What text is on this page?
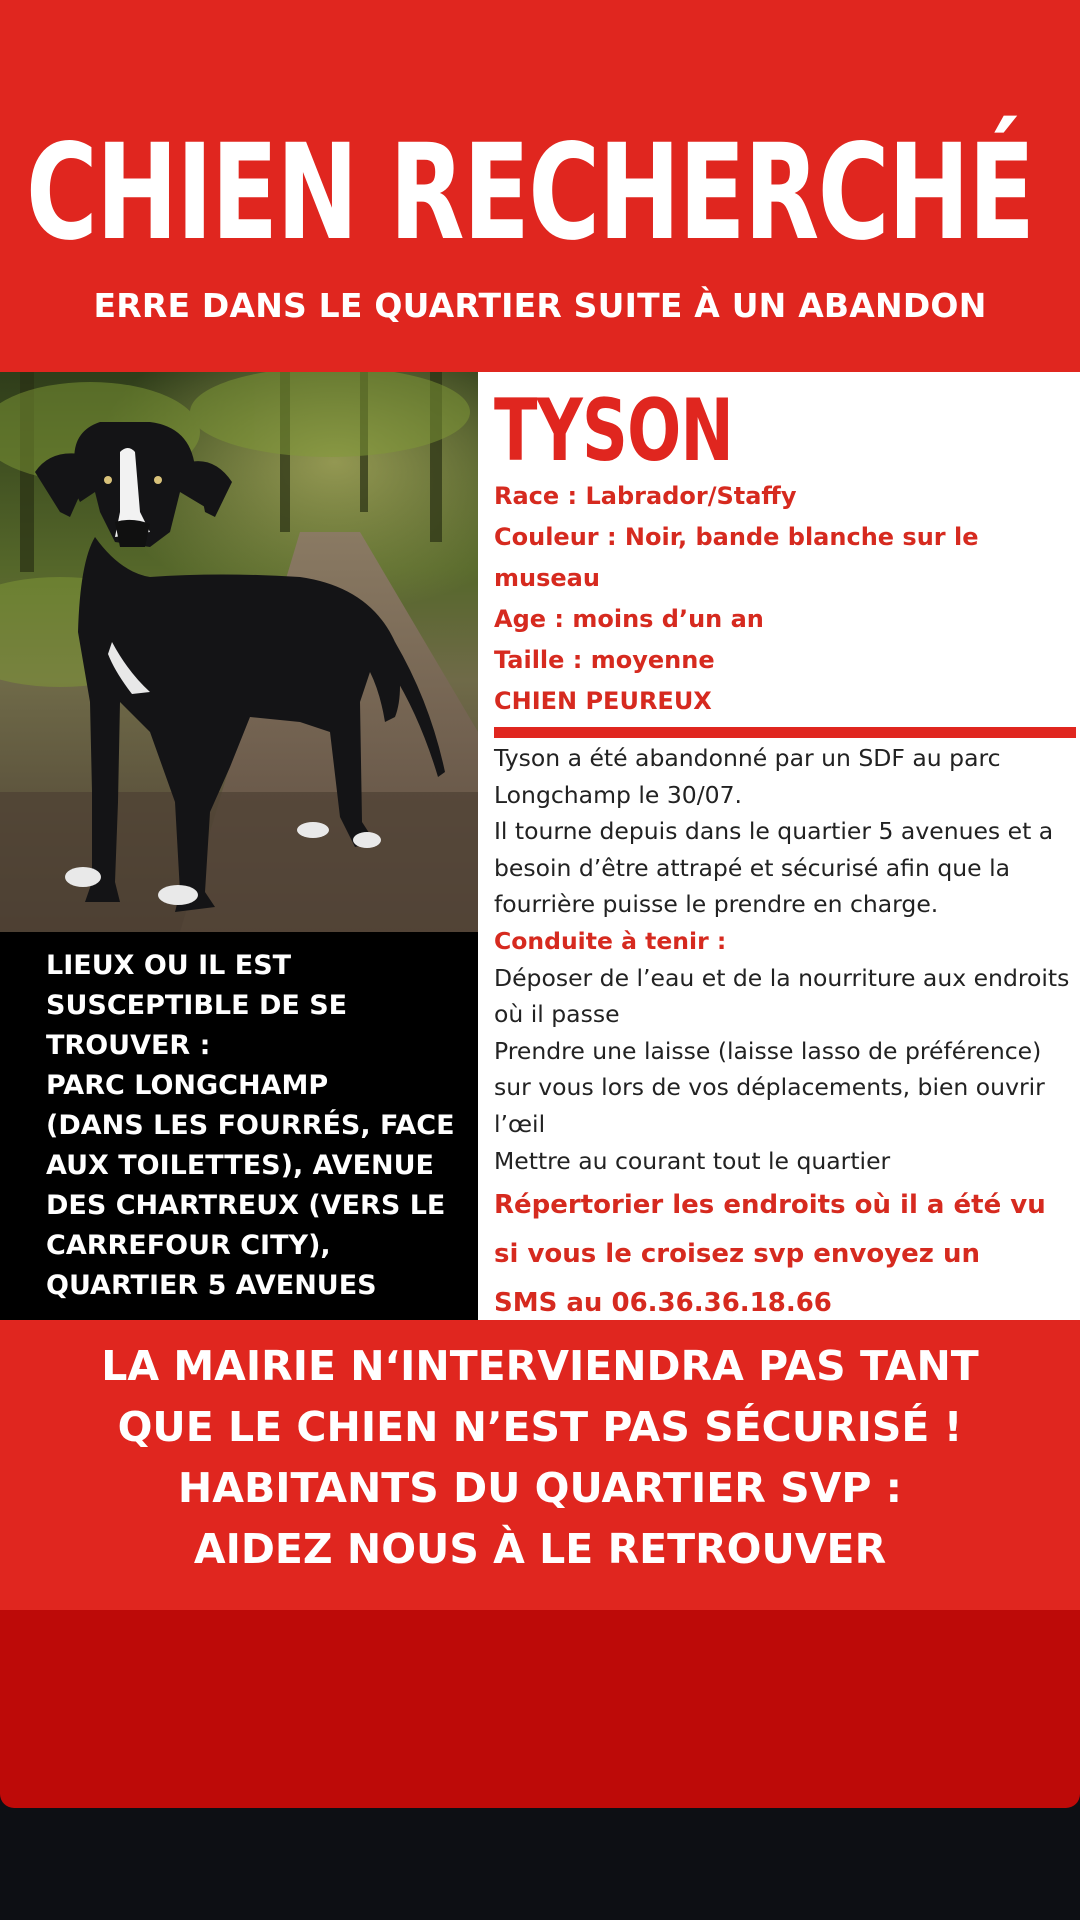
CHIEN RECHERCHÉ
ERRE DANS LE QUARTIER SUITE À UN ABANDON
LIEUX OU IL EST
SUSCEPTIBLE DE SE
TROUVER :
PARC LONGCHAMP
(DANS LES FOURRÉS, FACE
AUX TOILETTES), AVENUE
DES CHARTREUX (VERS LE
CARREFOUR CITY),
QUARTIER 5 AVENUES
TYSON
Race : Labrador/Staffy
Couleur : Noir, bande blanche sur le museau
Age : moins d’un an
Taille : moyenne
CHIEN PEUREUX
Tyson a été abandonné par un SDF au parc Longchamp le 30/07.
Il tourne depuis dans le quartier 5 avenues et a besoin d’être attrapé et sécurisé afin que la fourrière puisse le prendre en charge.
Conduite à tenir :
Déposer de l’eau et de la nourriture aux endroits où il passe
Prendre une laisse (laisse lasso de préférence) sur vous lors de vos déplacements, bien ouvrir l’œil
Mettre au courant tout le quartier
Répertorier les endroits où il a été vu
si vous le croisez svp envoyez un
SMS au 06.36.36.18.66
LA MAIRIE N‘INTERVIENDRA PAS TANT
QUE LE CHIEN N’EST PAS SÉCURISÉ !
HABITANTS DU QUARTIER SVP :
AIDEZ NOUS À LE RETROUVER
